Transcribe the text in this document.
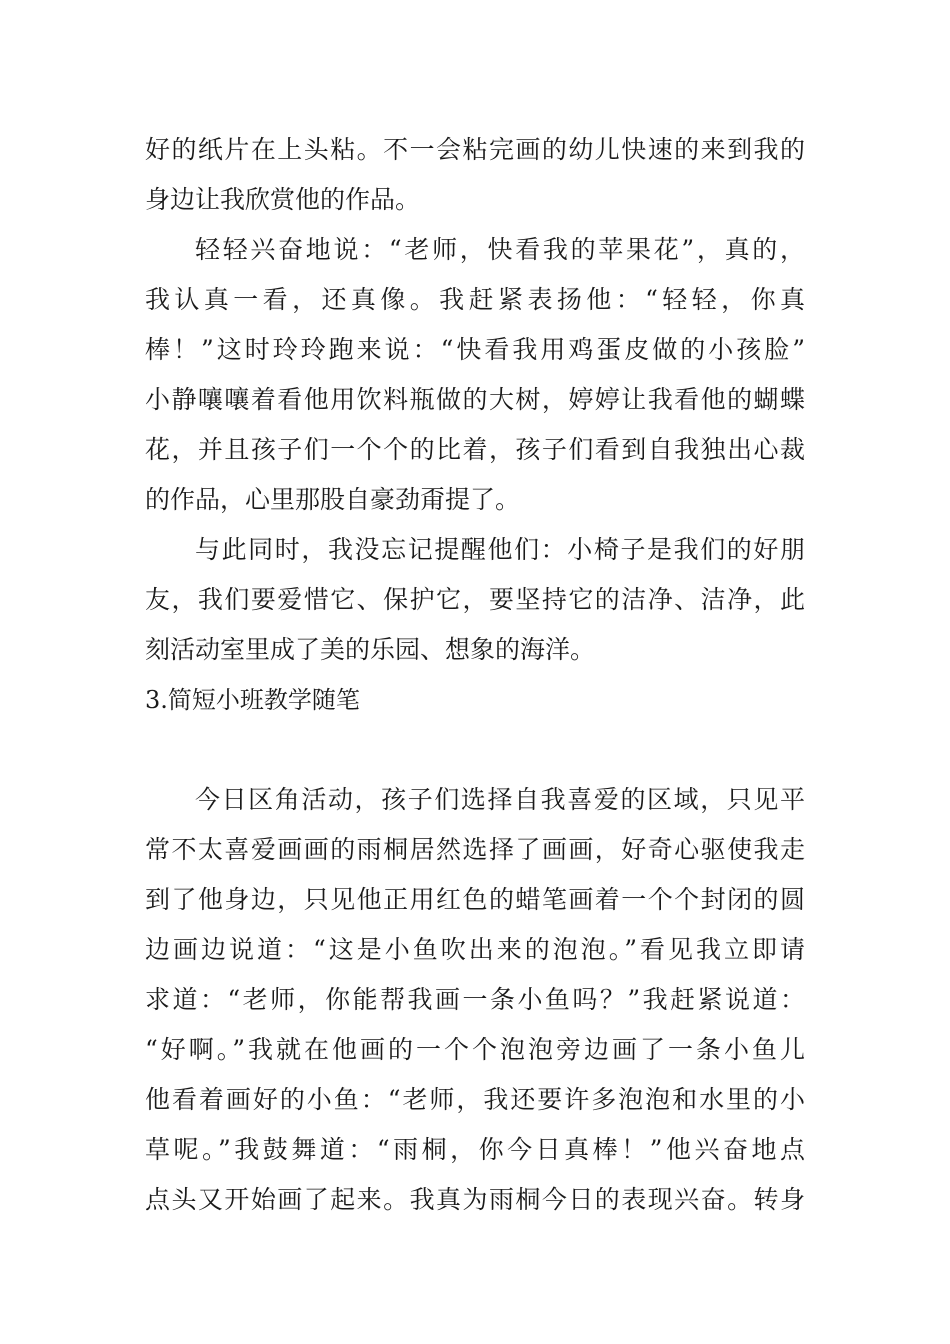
好的纸片在上头粘。不一会粘完画的幼儿快速的来到我的
身边让我欣赏他的作品。
轻轻兴奋地说：“老师，快看我的苹果花”，真的，
我认真一看，还真像。我赶紧表扬他：“轻轻，你真
棒！”这时玲玲跑来说：“快看我用鸡蛋皮做的小孩脸”
小静嚷嚷着看他用饮料瓶做的大树，婷婷让我看他的蝴蝶
花，并且孩子们一个个的比着，孩子们看到自我独出心裁
的作品，心里那股自豪劲甭提了。
与此同时，我没忘记提醒他们：小椅子是我们的好朋
友，我们要爱惜它、保护它，要坚持它的洁净、洁净，此
刻活动室里成了美的乐园、想象的海洋。
3.简短小班教学随笔
今日区角活动，孩子们选择自我喜爱的区域，只见平
常不太喜爱画画的雨桐居然选择了画画，好奇心驱使我走
到了他身边，只见他正用红色的蜡笔画着一个个封闭的圆
边画边说道：“这是小鱼吹出来的泡泡。”看见我立即请
求道：“老师，你能帮我画一条小鱼吗？”我赶紧说道：
“好啊。”我就在他画的一个个泡泡旁边画了一条小鱼儿
他看着画好的小鱼：“老师，我还要许多泡泡和水里的小
草呢。”我鼓舞道：“雨桐，你今日真棒！”他兴奋地点
点头又开始画了起来。我真为雨桐今日的表现兴奋。转身
